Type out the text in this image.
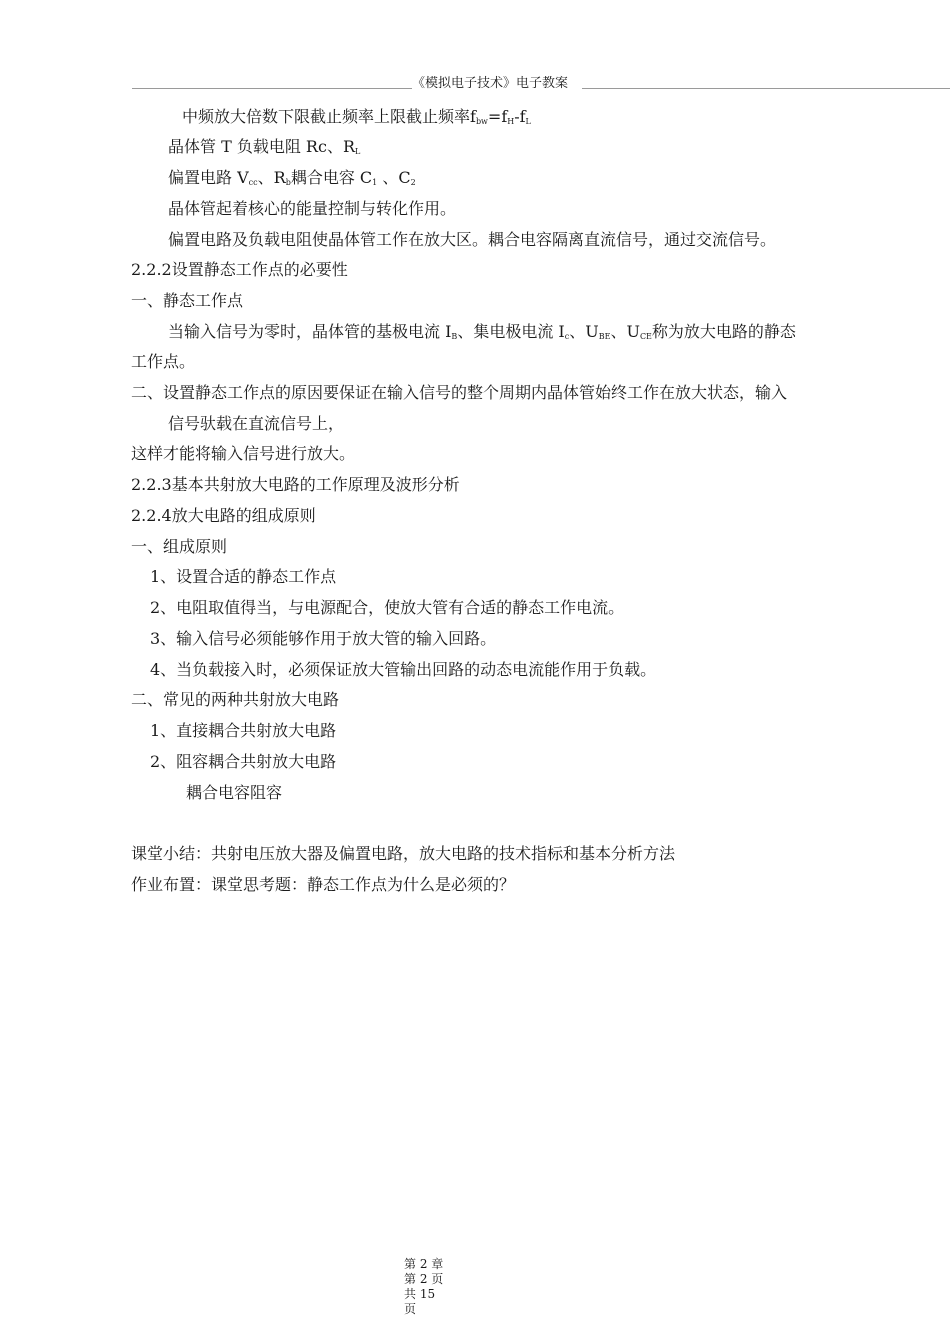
《模拟电子技术》电子教案
中频放大倍数下限截止频率上限截止频率$f_{bw}=f_H-f_L$
晶体管 T 负载电阻 Rc、$R_L$
偏置电路 $V_{cc}$、$R_b$耦合电容 $C_1$ 、$C_2$
晶体管起着核心的能量控制与转化作用。
偏置电路及负载电阻使晶体管工作在放大区。耦合电容隔离直流信号，通过交流信号。
2.2.2设置静态工作点的必要性
一、静态工作点
当输入信号为零时，晶体管的基极电流 $I_B$、集电极电流 $I_c$、$U_{BE}$、$U_{CE}$称为放大电路的静态
工作点。
二、设置静态工作点的原因要保证在输入信号的整个周期内晶体管始终工作在放大状态，输入
信号驮载在直流信号上，
这样才能将输入信号进行放大。
2.2.3基本共射放大电路的工作原理及波形分析
2.2.4放大电路的组成原则
一、组成原则
1、设置合适的静态工作点
2、电阻取值得当，与电源配合，使放大管有合适的静态工作电流。
3、输入信号必须能够作用于放大管的输入回路。
4、当负载接入时，必须保证放大管输出回路的动态电流能作用于负载。
二、常见的两种共射放大电路
1、直接耦合共射放大电路
2、阻容耦合共射放大电路
耦合电容阻容
课堂小结：共射电压放大器及偏置电路，放大电路的技术指标和基本分析方法
作业布置：课堂思考题：静态工作点为什么是必须的？
第 2 章
第 2 页
共 15
页
